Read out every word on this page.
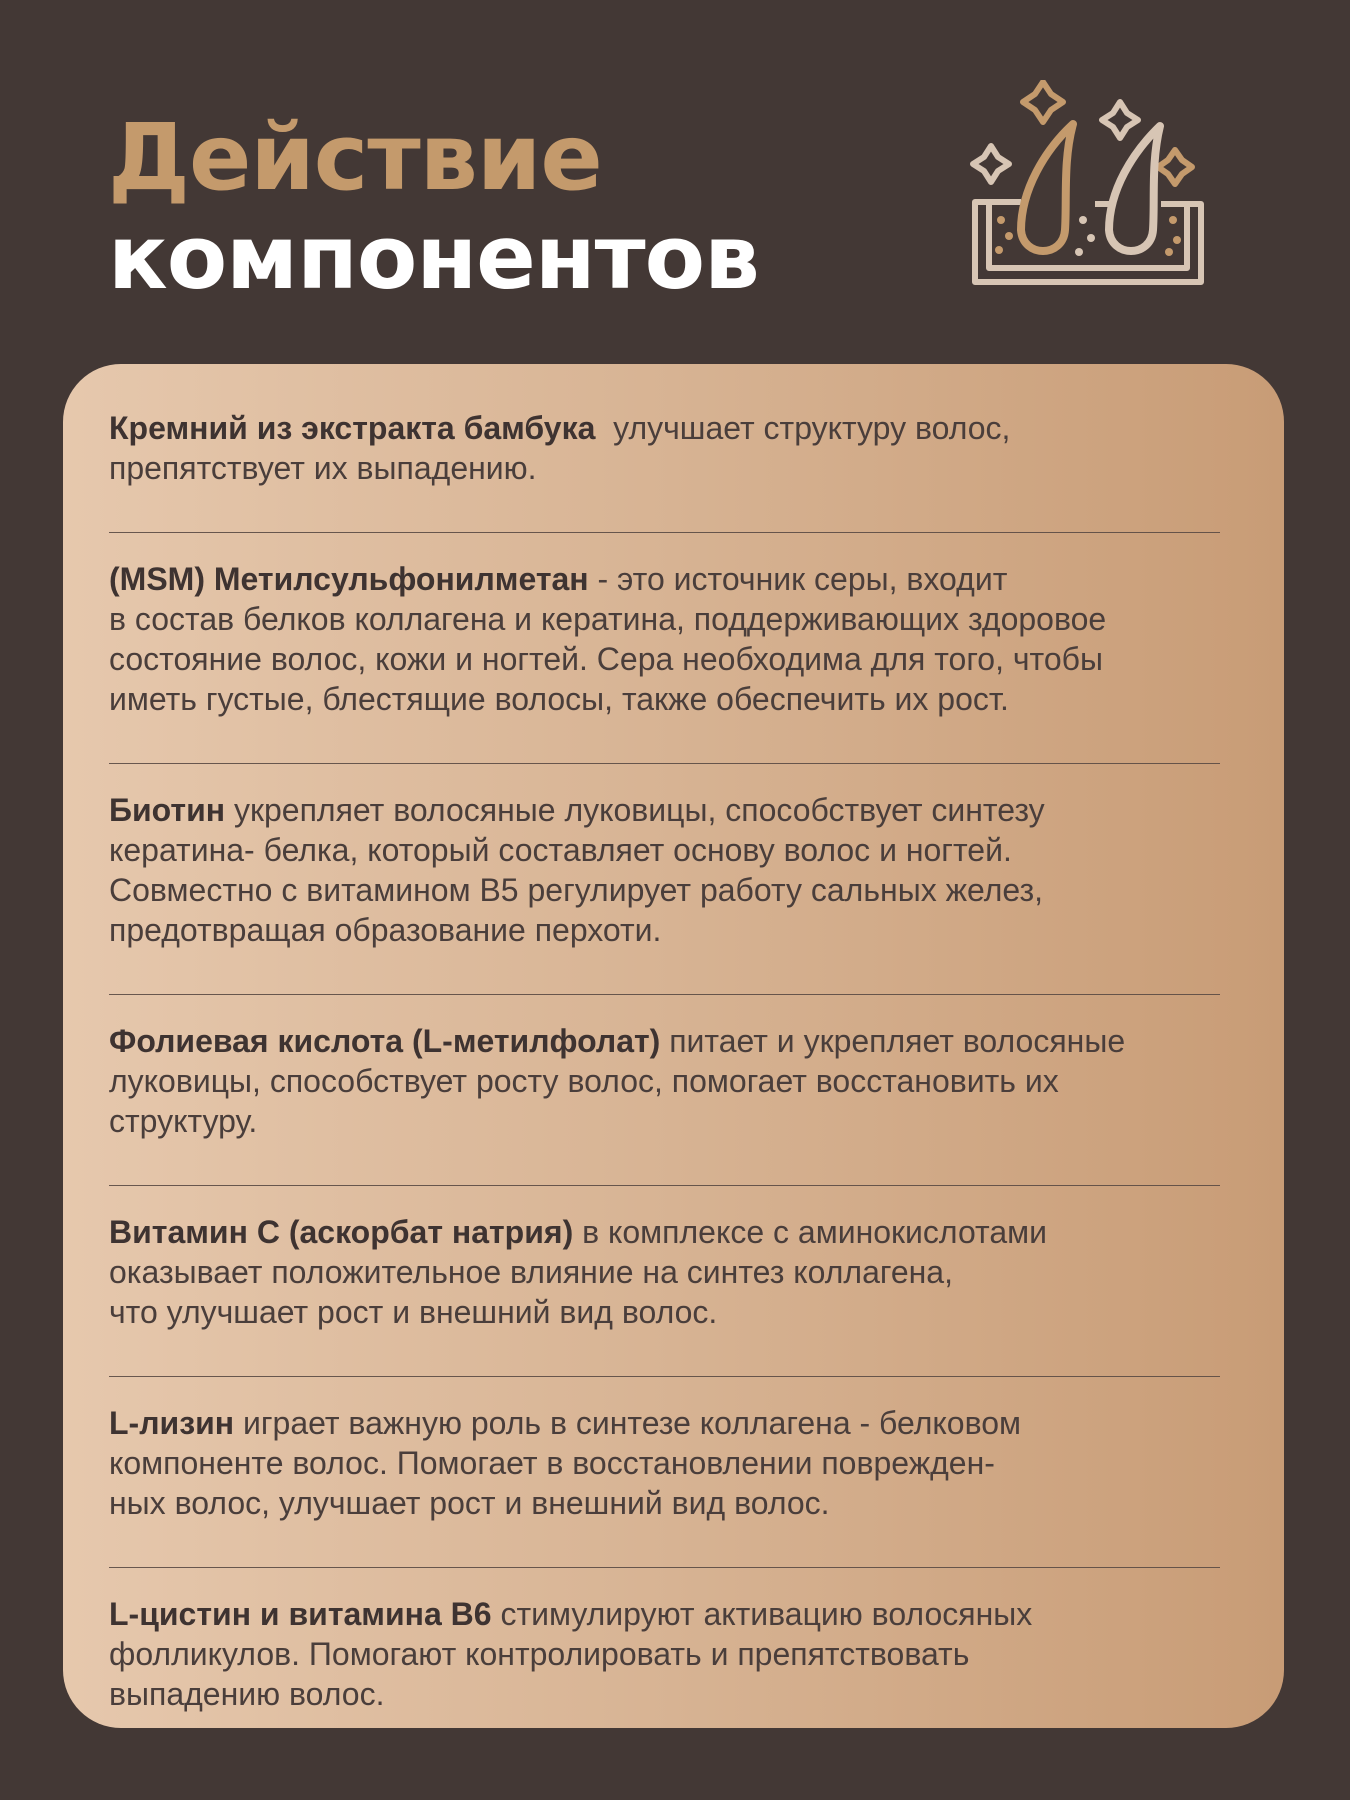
Действие
компонентов
Кремний из экстракта бамбука улучшает структуру волос,
препятствует их выпадению.
(MSM) Метилсульфонилметан - это источник серы, входит
в состав белков коллагена и кератина, поддерживающих здоровое
состояние волос, кожи и ногтей. Сера необходима для того, чтобы
иметь густые, блестящие волосы, также обеспечить их рост.
Биотин укрепляет волосяные луковицы, способствует синтезу
кератина- белка, который составляет основу волос и ногтей.
Совместно с витамином B5 регулирует работу сальных желез,
предотвращая образование перхоти.
Фолиевая кислота (L-метилфолат) питает и укрепляет волосяные
луковицы, способствует росту волос, помогает восстановить их
структуру.
Витамин С (аскорбат натрия) в комплексе с аминокислотами
оказывает положительное влияние на синтез коллагена,
что улучшает рост и внешний вид волос.
L-лизин играет важную роль в синтезе коллагена - белковом
компоненте волос. Помогает в восстановлении поврежден-
ных волос, улучшает рост и внешний вид волос.
L-цистин и витамина B6 стимулируют активацию волосяных
фолликулов. Помогают контролировать и препятствовать
выпадению волос.
